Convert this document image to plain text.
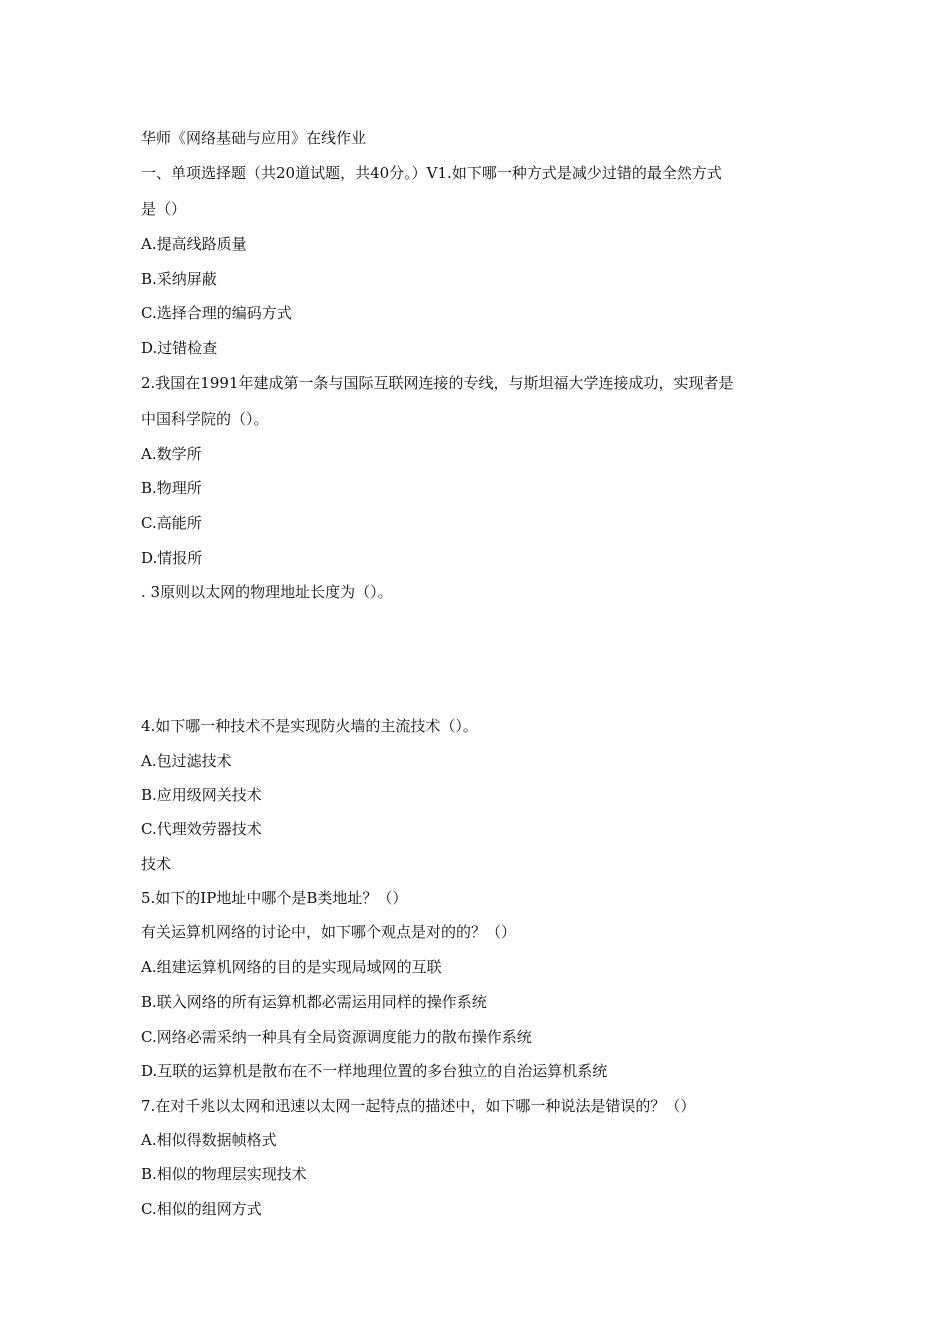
华师《网络基础与应用》在线作业
一、单项选择题（共20道试题，共40分。）V1.如下哪一种方式是减少过错的最全然方式
是（）
A.提高线路质量
B.采纳屏蔽
C.选择合理的编码方式
D.过错检查
2.我国在1991年建成第一条与国际互联网连接的专线，与斯坦福大学连接成功，实现者是
中国科学院的（）。
A.数学所
B.物理所
C.高能所
D.情报所
. 3原则以太网的物理地址长度为（）。
4.如下哪一种技术不是实现防火墙的主流技术（）。
A.包过滤技术
B.应用级网关技术
C.代理效劳器技术
技术
5.如下的IP地址中哪个是B类地址？（）
有关运算机网络的讨论中，如下哪个观点是对的的？（）
A.组建运算机网络的目的是实现局域网的互联
B.联入网络的所有运算机都必需运用同样的操作系统
C.网络必需采纳一种具有全局资源调度能力的散布操作系统
D.互联的运算机是散布在不一样地理位置的多台独立的自治运算机系统
7.在对千兆以太网和迅速以太网一起特点的描述中，如下哪一种说法是错误的？（）
A.相似得数据帧格式
B.相似的物理层实现技术
C.相似的组网方式
